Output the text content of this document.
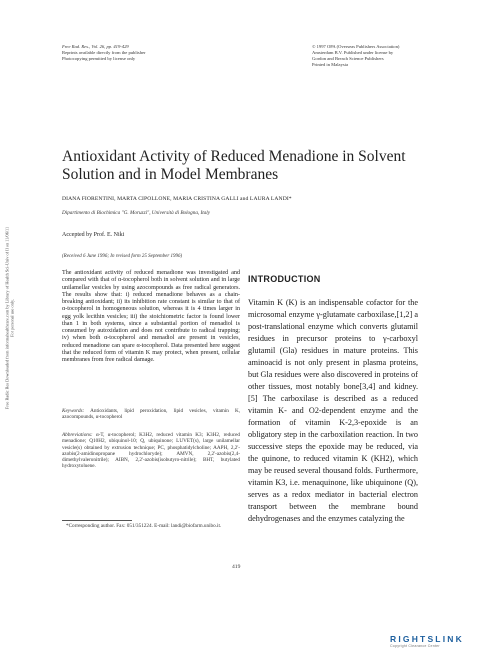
Free Rad. Res., Vol. 26, pp. 419-429
Reprints available directly from the publisher
Photocopying permitted by license only
© 1997 OPA (Overseas Publishers Association)
Amsterdam B.V. Published under license by
Gordon and Breach Science Publishers
Printed in Malaysia
Free Radic Res Downloaded from informahealthcare.com by Library of Health Sci-Univ of Il on 11/06/11 For personal use only.
Antioxidant Activity of Reduced Menadione in Solvent Solution and in Model Membranes
DIANA FIORENTINI, MARTA CIPOLLONE, MARIA CRISTINA GALLI and LAURA LANDI*
Dipartimento di Biochimica "G. Moruzzi", Università di Bologna, Italy
Accepted by Prof. E. Niki
(Received 6 June 1996; In revised form 25 September 1996)
The antioxidant activity of reduced menadione was investigated and compared with that of α-tocopherol both in solvent solution and in large unilamellar vesicles by using azocompounds as free radical generators. The results show that: i) reduced menadione behaves as a chain-breaking antioxidant; ii) its inhibition rate constant is similar to that of α-tocopherol in homogeneous solution, whereas it is 4 times larger in egg yolk lecithin vesicles; iii) the stoichiometric factor is found lower than 1 in both systems, since a substantial portion of menadiol is consumed by autoxidation and does not contribute to radical trapping; iv) when both α-tocopherol and menadiol are present in vesicles, reduced menadione can spare α-tocopherol. Data presented here suggest that the reduced form of vitamin K may protect, when present, cellular membranes from free radical damage.
Keywords: Antioxidants, lipid peroxidation, lipid vesicles, vitamin K, azocompounds, α-tocopherol
Abbreviations: α-T, α-tocopherol; K3H2, reduced vitamin K3; K3H2, reduced menadione; Q10H2, ubiquinol-10; Q, ubiquinone; LUVET(s), large unilamellar vesicle(s) obtained by extrusion technique; PC, phosphatidylcholine; AAPH, 2,2'-azobis(2-amidinopropane hydrochloryde); AMVN, 2,2'-azobis(2,4-dimethylvaleronitrile); AIBN, 2,2'-azobis(isobutyro-nitrile); BHT, butylated hydroxytoluene.
INTRODUCTION
Vitamin K (K) is an indispensable cofactor for the microsomal enzyme γ-glutamate carboxilase,[1,2] a post-translational enzyme which converts glutamil residues in precursor proteins to γ-carboxyl glutamil (Gla) residues in mature proteins. This aminoacid is not only present in plasma proteins, but Gla residues were also discovered in proteins of other tissues, most notably bone[3,4] and kidney.[5] The carboxilase is described as a reduced vitamin K- and O2-dependent enzyme and the formation of vitamin K-2,3-epoxide is an obligatory step in the carboxilation reaction. In two successive steps the epoxide may be reduced, via the quinone, to reduced vitamin K (KH2), which may be reused several thousand folds. Furthermore, vitamin K3, i.e. menaquinone, like ubiquinone (Q), serves as a redox mediator in bacterial electron transport between the membrane bound dehydrogenases and the enzymes catalyzing the
*Corresponding author. Fax: 051/351224. E-mail: landi@biofarm.unibo.it.
419
RIGHTSLINK
Copyright Clearance Center
